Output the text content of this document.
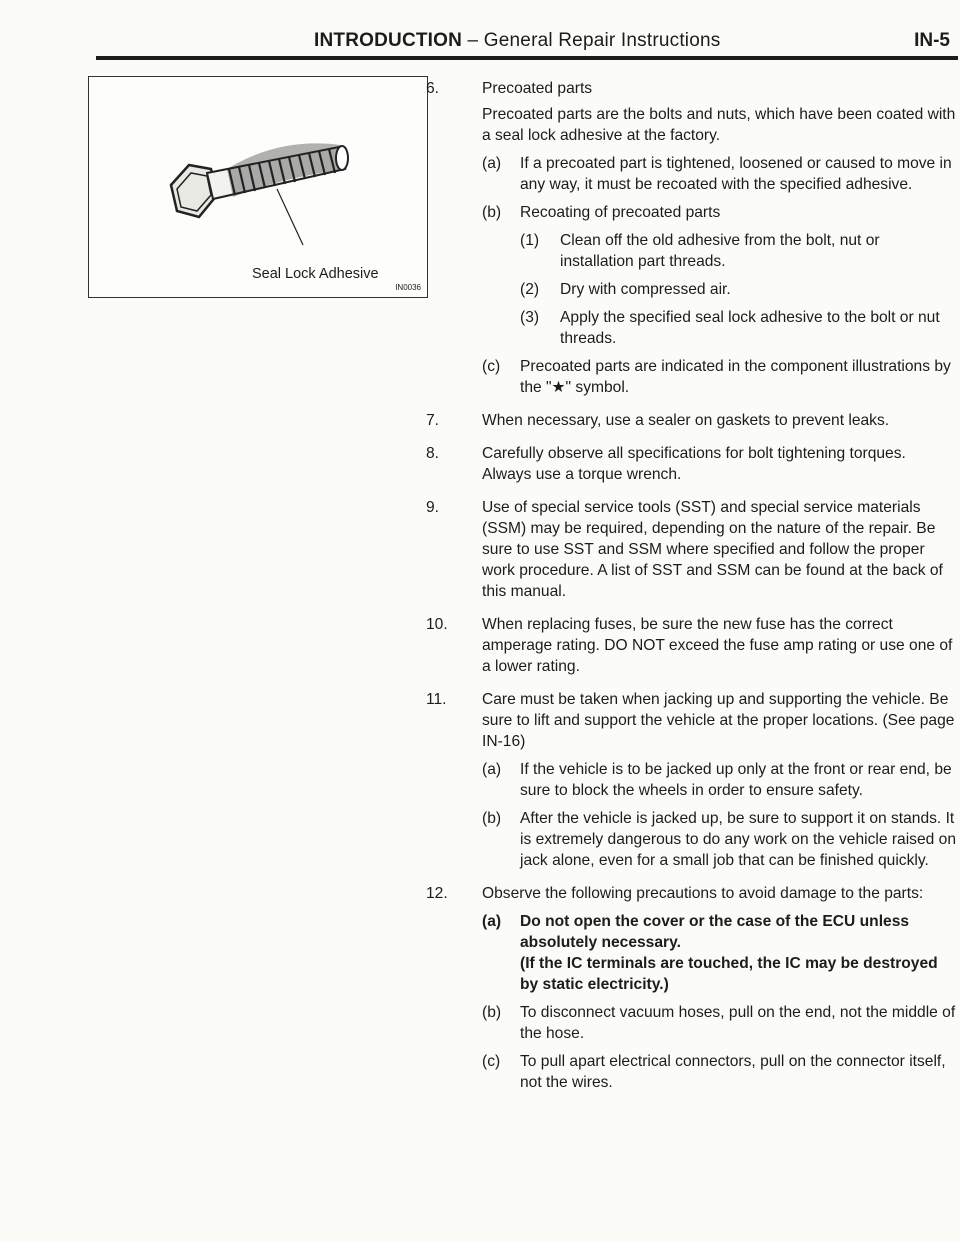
INTRODUCTION – General Repair Instructions	IN-5
Seal Lock Adhesive
IN0036
6.	Precoated parts

Precoated parts are the bolts and nuts, which have been coated with a seal lock adhesive at the factory.

(a) If a precoated part is tightened, loosened or caused to move in any way, it must be recoated with the specified adhesive.

(b) Recoating of precoated parts

(1) Clean off the old adhesive from the bolt, nut or installation part threads.

(2) Dry with compressed air.

(3) Apply the specified seal lock adhesive to the bolt or nut threads.

(c) Precoated parts are indicated in the component illustrations by the "★" symbol.

7.	When necessary, use a sealer on gaskets to prevent leaks.

8.	Carefully observe all specifications for bolt tightening torques. Always use a torque wrench.

9.	Use of special service tools (SST) and special service materials (SSM) may be required, depending on the nature of the repair. Be sure to use SST and SSM where specified and follow the proper work procedure. A list of SST and SSM can be found at the back of this manual.

10. When replacing fuses, be sure the new fuse has the correct amperage rating. DO NOT exceed the fuse amp rating or use one of a lower rating.

11. Care must be taken when jacking up and supporting the vehicle. Be sure to lift and support the vehicle at the proper locations. (See page IN-16)

(a) If the vehicle is to be jacked up only at the front or rear end, be sure to block the wheels in order to ensure safety.

(b) After the vehicle is jacked up, be sure to support it on stands. It is extremely dangerous to do any work on the vehicle raised on jack alone, even for a small job that can be finished quickly.

12. Observe the following precautions to avoid damage to the parts:

(a) Do not open the cover or the case of the ECU unless absolutely necessary.

(If the IC terminals are touched, the IC may be destroyed by static electricity.)

(b) To disconnect vacuum hoses, pull on the end, not the middle of the hose.

(c) To pull apart electrical connectors, pull on the connector itself, not the wires.
